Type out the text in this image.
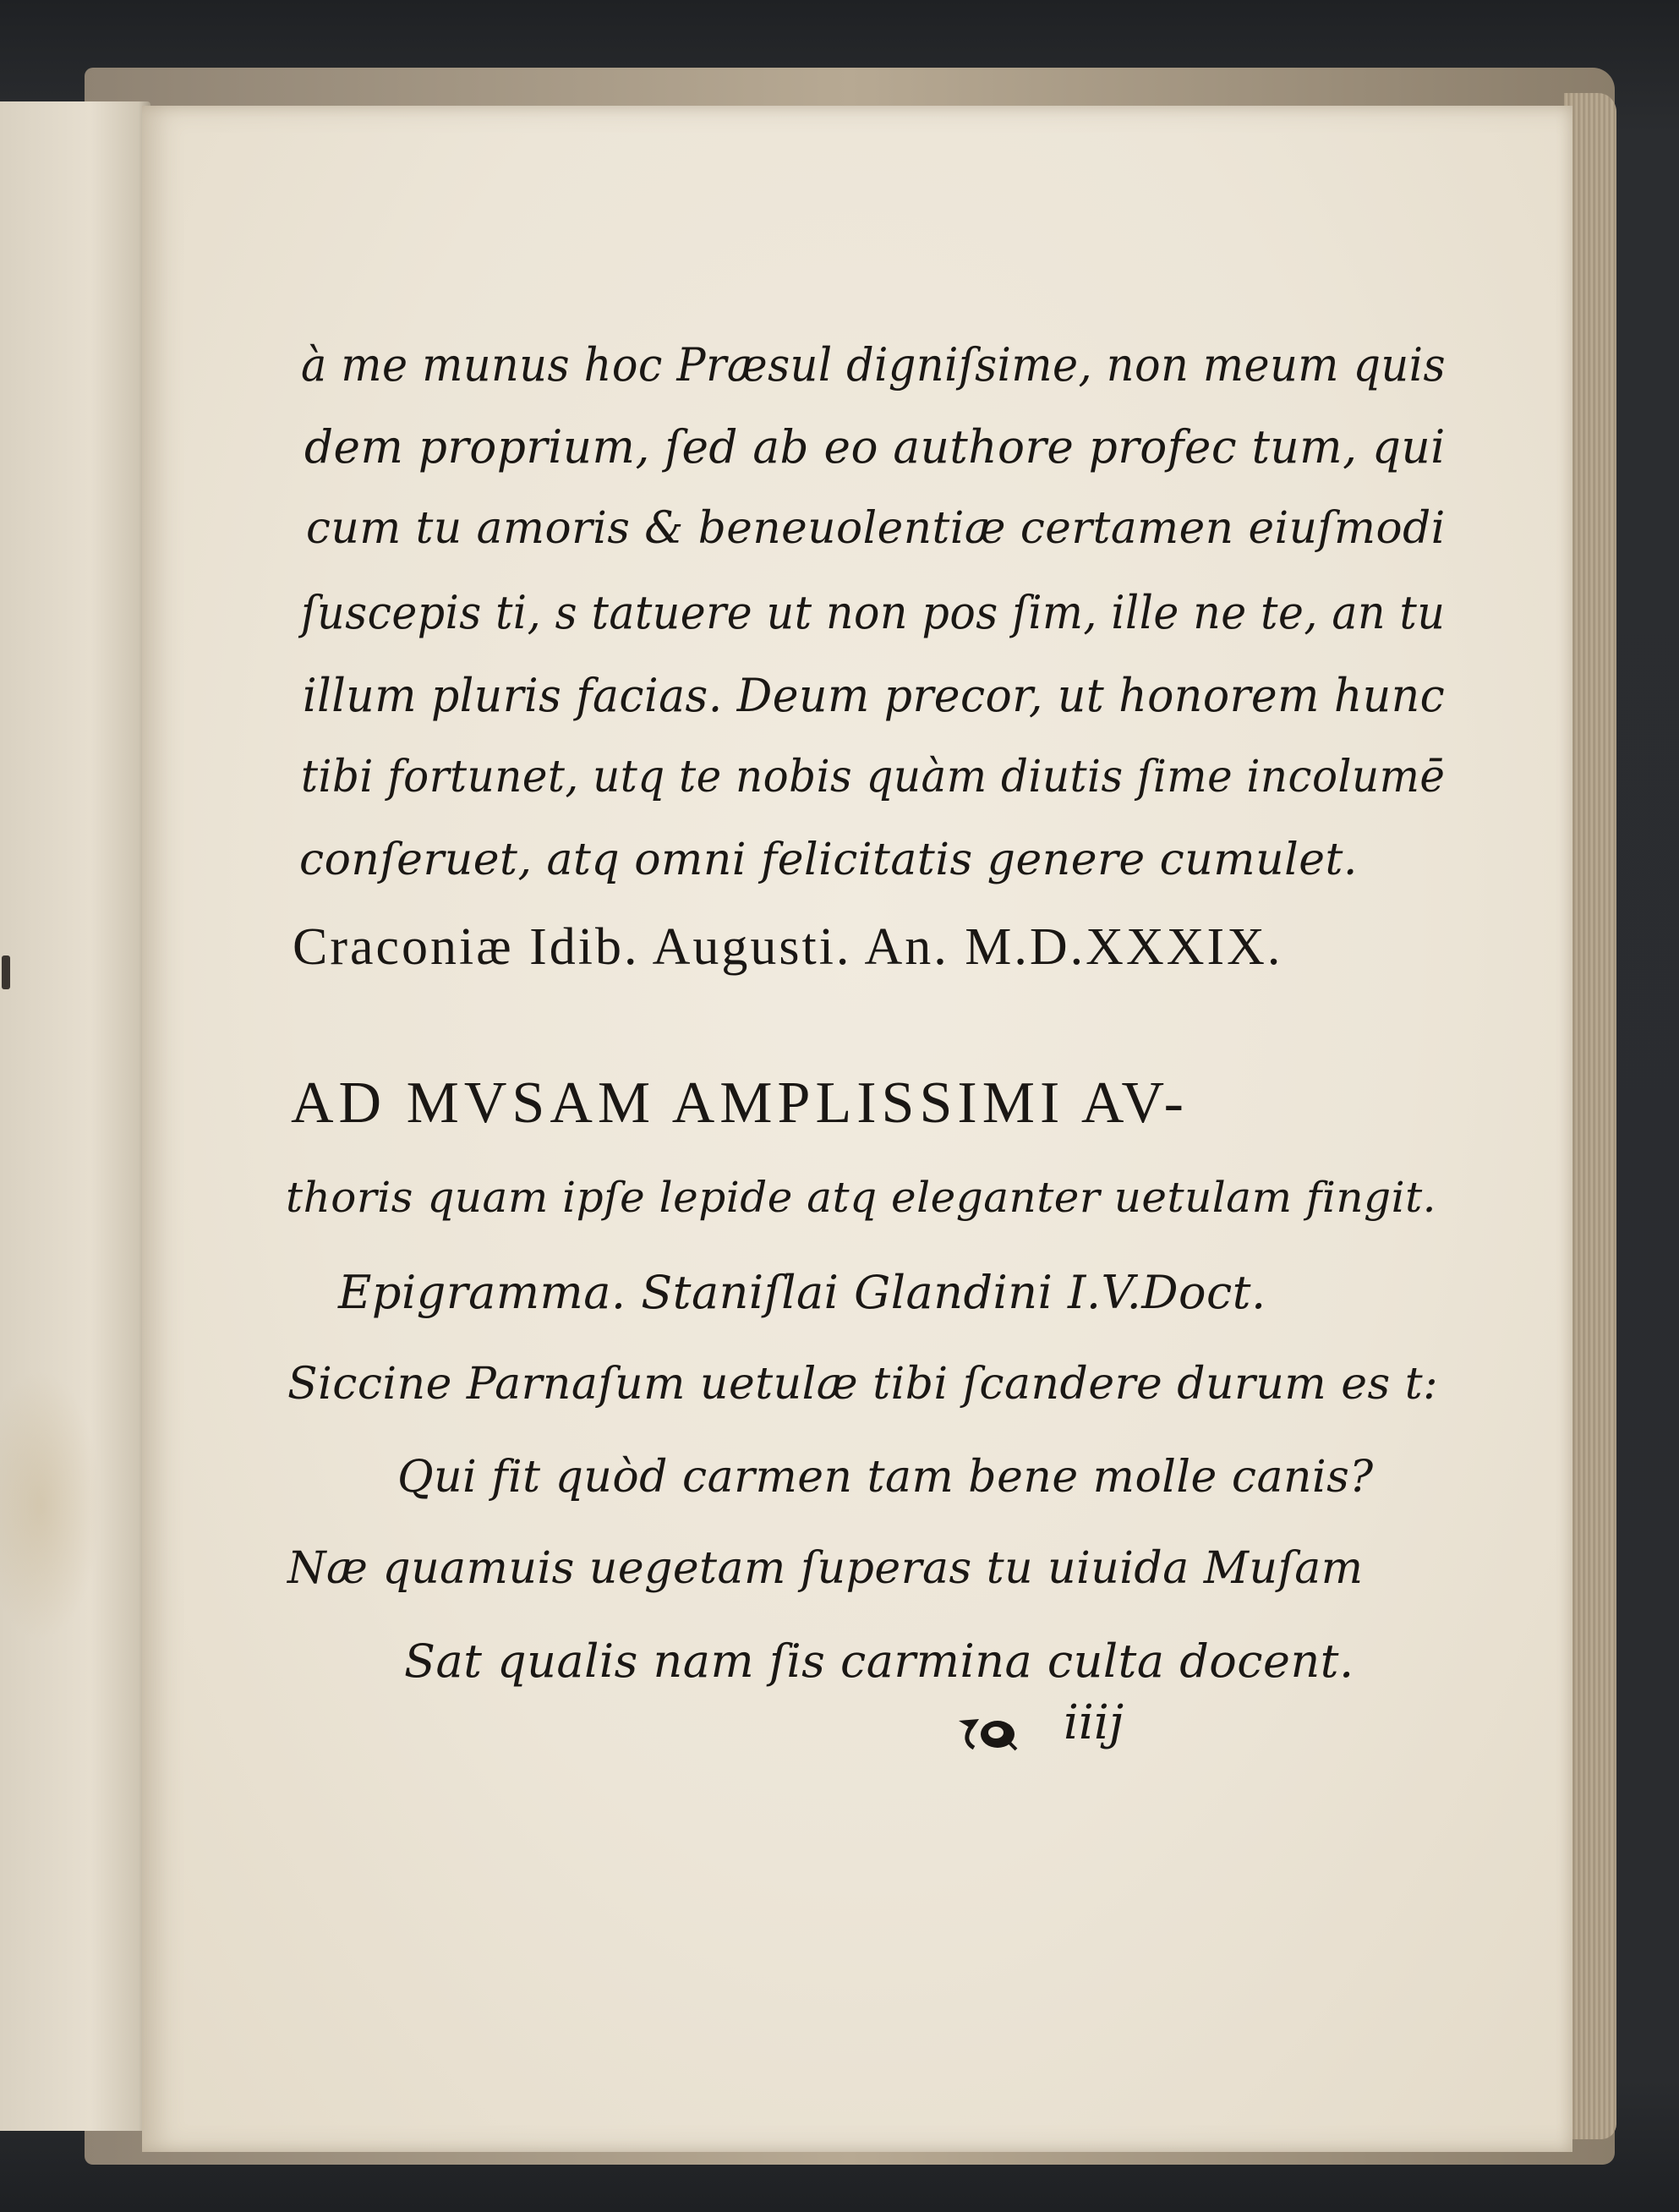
à me munus hoc Præsul digniſsime, non meum quis
dem proprium, ſed ab eo authore profec tum, qui
cum tu amoris & beneuolentiæ certamen eiuſmodi
ſuscepis ti, s tatuere ut non pos ſim, ille ne te, an tu
illum pluris facias. Deum precor, ut honorem hunc
tibi fortunet, utq te nobis quàm diutis ſime incolumē
conſeruet, atq omni felicitatis genere cumulet.
Craconiæ Idib. Augusti. An. M.D.XXXIX.
AD MVSAM AMPLISSIMI AV-
thoris quam ipſe lepide atq eleganter uetulam fingit.
Epigramma. Staniſlai Glandini I.V.Doct.
Siccine Parnaſum uetulæ tibi ſcandere durum es t:
Qui fit quòd carmen tam bene molle canis?
Næ quamuis uegetam ſuperas tu uiuida Muſam
Sat qualis nam ſis carmina culta docent.
iiij
